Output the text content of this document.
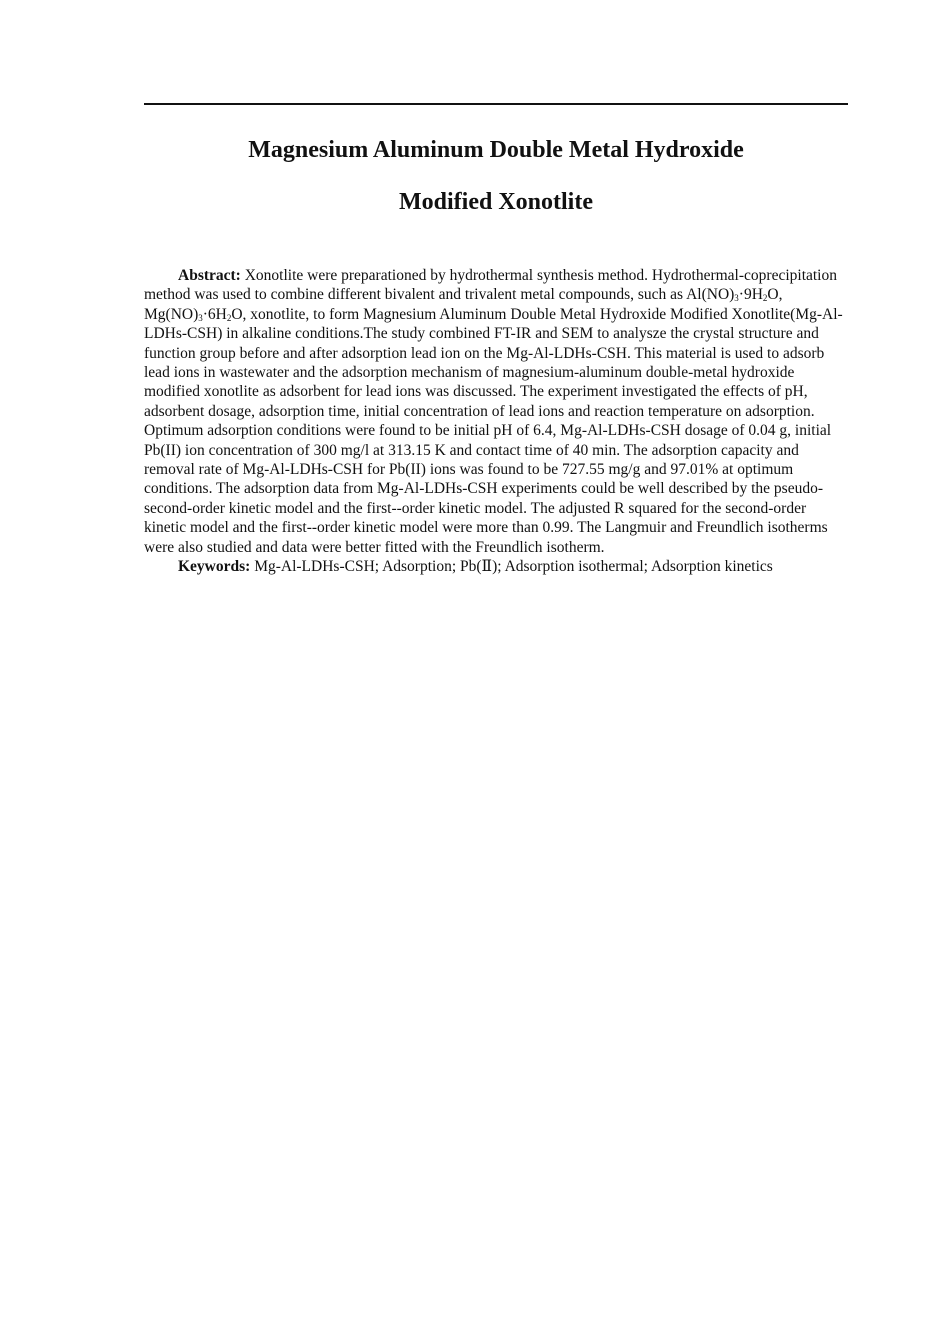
Magnesium Aluminum Double Metal Hydroxide
Modified Xonotlite

Abstract: Xonotlite were preparationed by hydrothermal synthesis method. Hydrothermal-coprecipitation method was used to combine different bivalent and trivalent metal compounds, such as $Al(NO)_3\cdot 9H_2O$, $Mg(NO)_3\cdot 6H_2O$, xonotlite, to form Magnesium Aluminum Double Metal Hydroxide Modified Xonotlite(Mg-Al-LDHs-CSH) in alkaline conditions.The study combined FT-IR and SEM to analysze the crystal structure and function group before and after adsorption lead ion on the Mg-Al-LDHs-CSH. This material is used to adsorb lead ions in wastewater and the adsorption mechanism of magnesium-aluminum double-metal hydroxide modified xonotlite as adsorbent for lead ions was discussed. The experiment investigated the effects of pH, adsorbent dosage, adsorption time, initial concentration of lead ions and reaction temperature on adsorption. Optimum adsorption conditions were found to be initial pH of 6.4, Mg-Al-LDHs-CSH dosage of 0.04 g, initial Pb(II) ion concentration of 300 mg/l at 313.15 K and contact time of 40 min. The adsorption capacity and removal rate of Mg-Al-LDHs-CSH for Pb(II) ions was found to be 727.55 mg/g and 97.01% at optimum conditions. The adsorption data from Mg-Al-LDHs-CSH experiments could be well described by the pseudo-second-order kinetic model and the first--order kinetic model. The adjusted R squared for the second-order kinetic model and the first--order kinetic model were more than 0.99. The Langmuir and Freundlich isotherms were also studied and data were better fitted with the Freundlich isotherm.

Keywords: Mg-Al-LDHs-CSH; Adsorption; Pb(Ⅱ); Adsorption isothermal; Adsorption kinetics
